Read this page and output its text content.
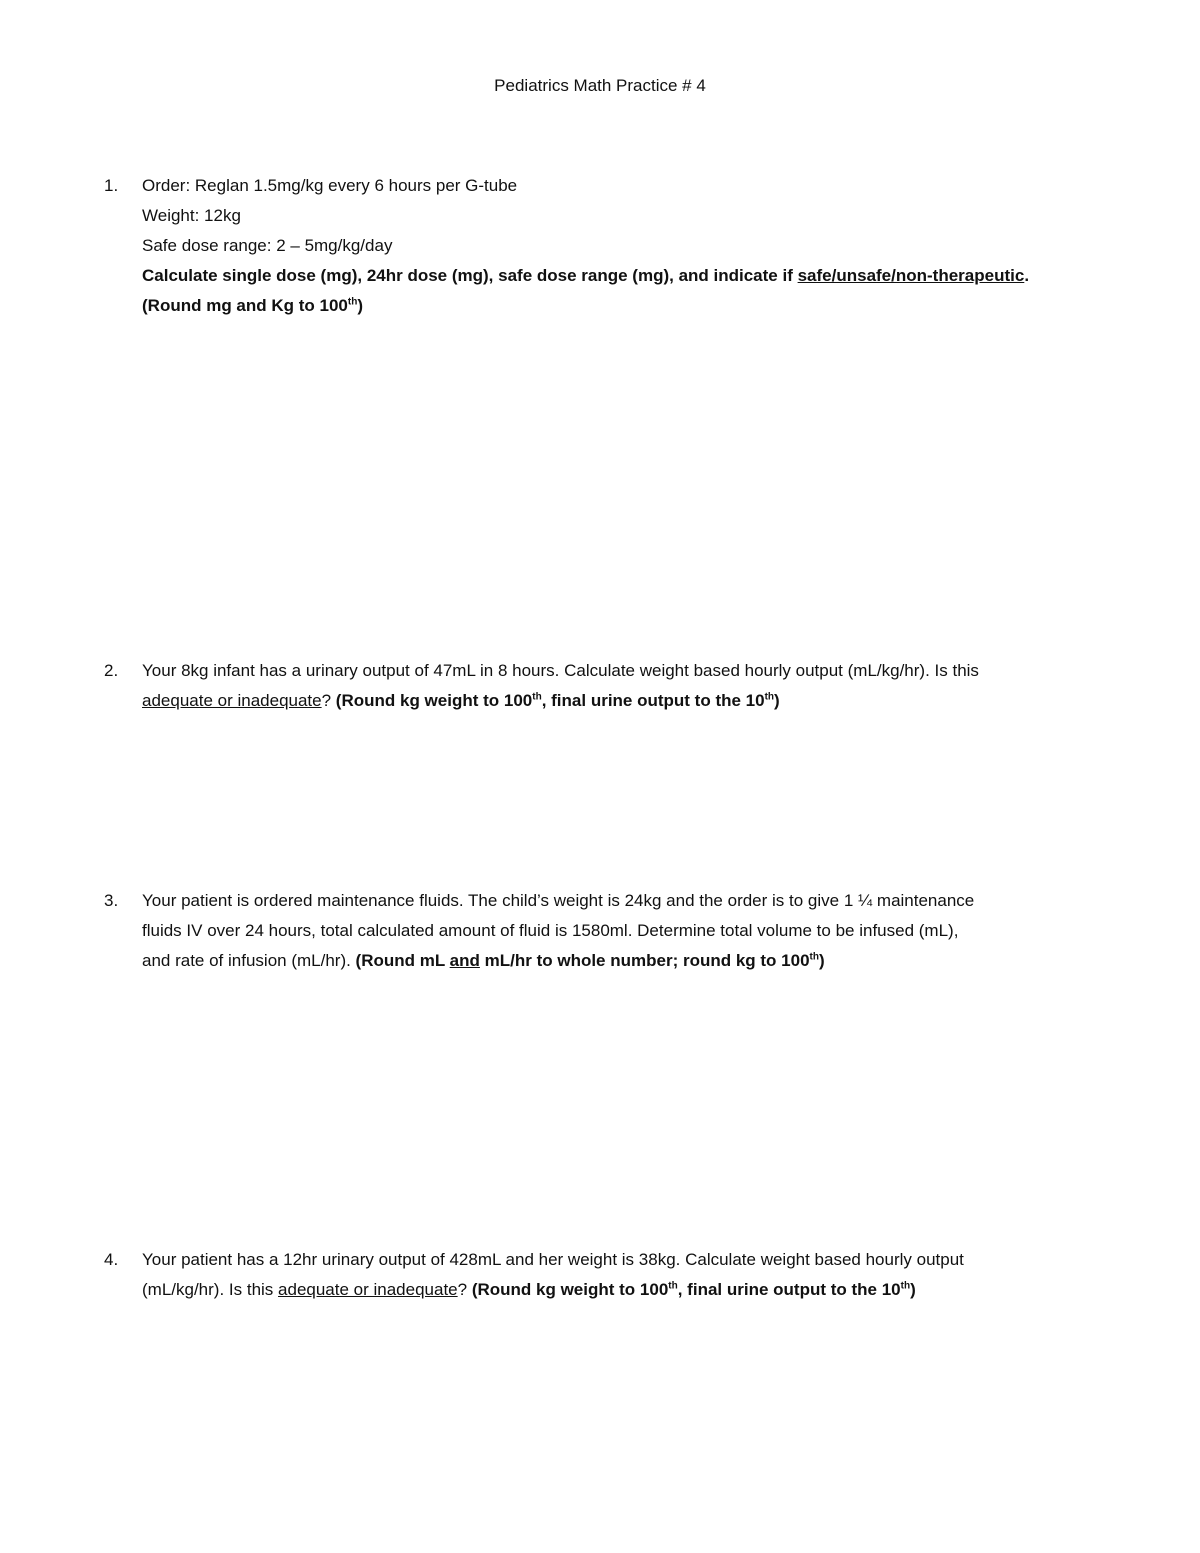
Pediatrics Math Practice # 4
1. Order: Reglan 1.5mg/kg every 6 hours per G-tube
Weight: 12kg
Safe dose range: 2 – 5mg/kg/day
Calculate single dose (mg), 24hr dose (mg), safe dose range (mg), and indicate if safe/unsafe/non-therapeutic.
(Round mg and Kg to 100th)
2. Your 8kg infant has a urinary output of 47mL in 8 hours. Calculate weight based hourly output (mL/kg/hr). Is this
adequate or inadequate? (Round kg weight to 100th, final urine output to the 10th)
3. Your patient is ordered maintenance fluids. The child’s weight is 24kg and the order is to give 1 ¼ maintenance
fluids IV over 24 hours, total calculated amount of fluid is 1580ml. Determine total volume to be infused (mL),
and rate of infusion (mL/hr). (Round mL and mL/hr to whole number; round kg to 100th)
4. Your patient has a 12hr urinary output of 428mL and her weight is 38kg. Calculate weight based hourly output
(mL/kg/hr). Is this adequate or inadequate? (Round kg weight to 100th, final urine output to the 10th)
